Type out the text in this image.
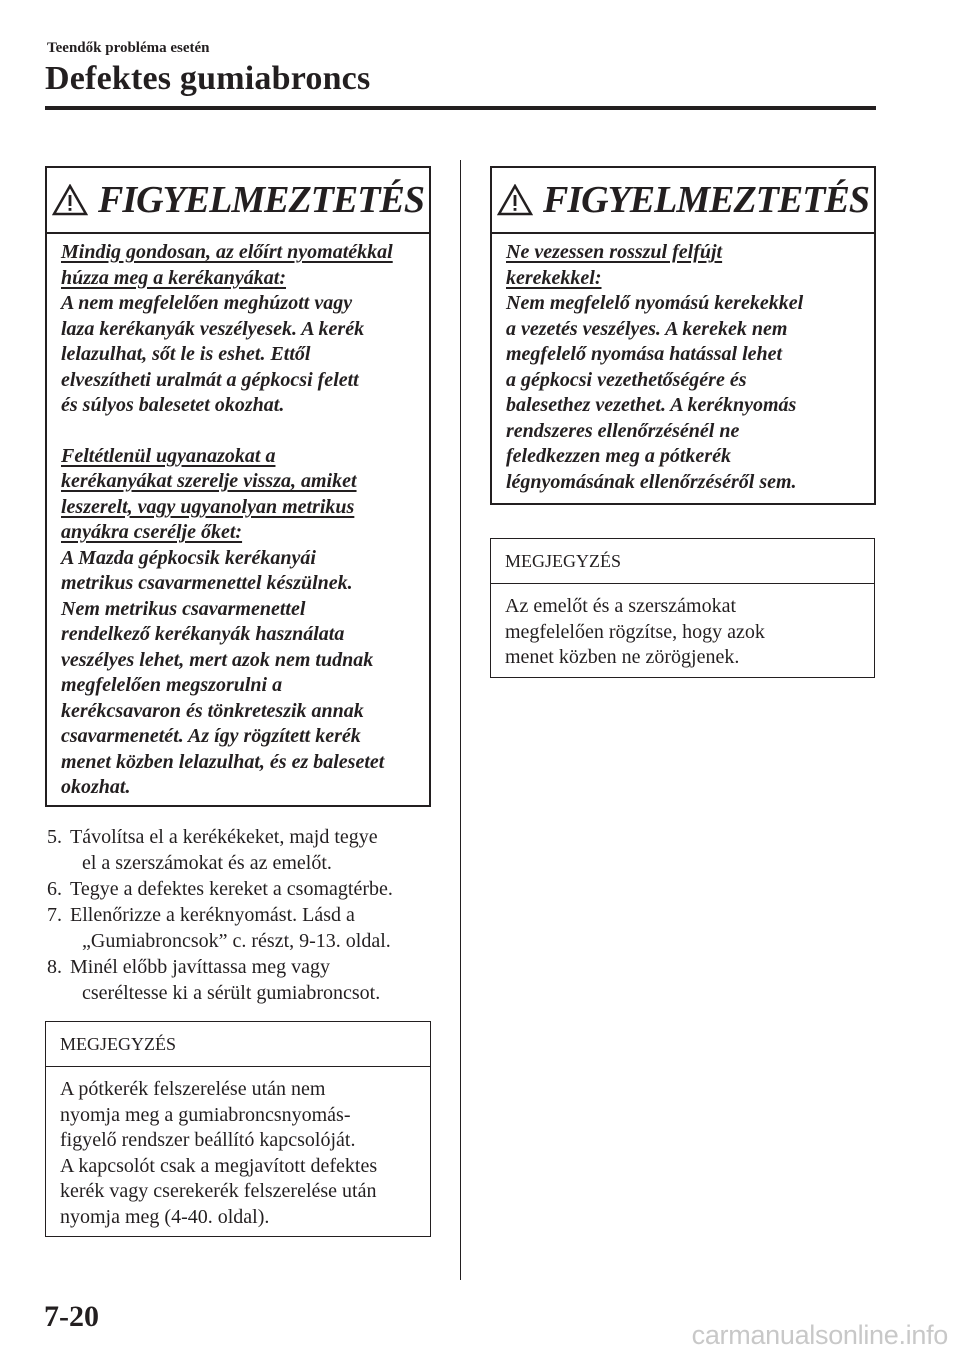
Teendők probléma esetén
Defektes gumiabroncs
FIGYELMEZTETÉS
Mindig gondosan, az előírt nyomatékkal
húzza meg a kerékanyákat:
A nem megfelelően meghúzott vagy
laza kerékanyák veszélyesek. A kerék
lelazulhat, sőt le is eshet. Ettől
elveszítheti uralmát a gépkocsi felett
és súlyos balesetet okozhat.
Feltétlenül ugyanazokat a
kerékanyákat szerelje vissza, amiket
leszerelt, vagy ugyanolyan metrikus
anyákra cserélje őket:
A Mazda gépkocsik kerékanyái
metrikus csavarmenettel készülnek.
Nem metrikus csavarmenettel
rendelkező kerékanyák használata
veszélyes lehet, mert azok nem tudnak
megfelelően megszorulni a
kerékcsavaron és tönkreteszik annak
csavarmenetét. Az így rögzített kerék
menet közben lelazulhat, és ez balesetet
okozhat.
5. Távolítsa el a kerékékeket, majd tegye
el a szerszámokat és az emelőt.
6. Tegye a defektes kereket a csomagtérbe.
7. Ellenőrizze a keréknyomást. Lásd a
„Gumiabroncsok” c. részt, 9-13. oldal.
8. Minél előbb javíttassa meg vagy
cseréltesse ki a sérült gumiabroncsot.
MEGJEGYZÉS
A pótkerék felszerelése után nem
nyomja meg a gumiabroncsnyomás-
figyelő rendszer beállító kapcsolóját.
A kapcsolót csak a megjavított defektes
kerék vagy cserekerék felszerelése után
nyomja meg (4-40. oldal).
FIGYELMEZTETÉS
Ne vezessen rosszul felfújt
kerekekkel:
Nem megfelelő nyomású kerekekkel
a vezetés veszélyes. A kerekek nem
megfelelő nyomása hatással lehet
a gépkocsi vezethetőségére és
balesethez vezethet. A keréknyomás
rendszeres ellenőrzésénél ne
feledkezzen meg a pótkerék
légnyomásának ellenőrzéséről sem.
MEGJEGYZÉS
Az emelőt és a szerszámokat
megfelelően rögzítse, hogy azok
menet közben ne zörögjenek.
7-20
carmanualsonline.info
